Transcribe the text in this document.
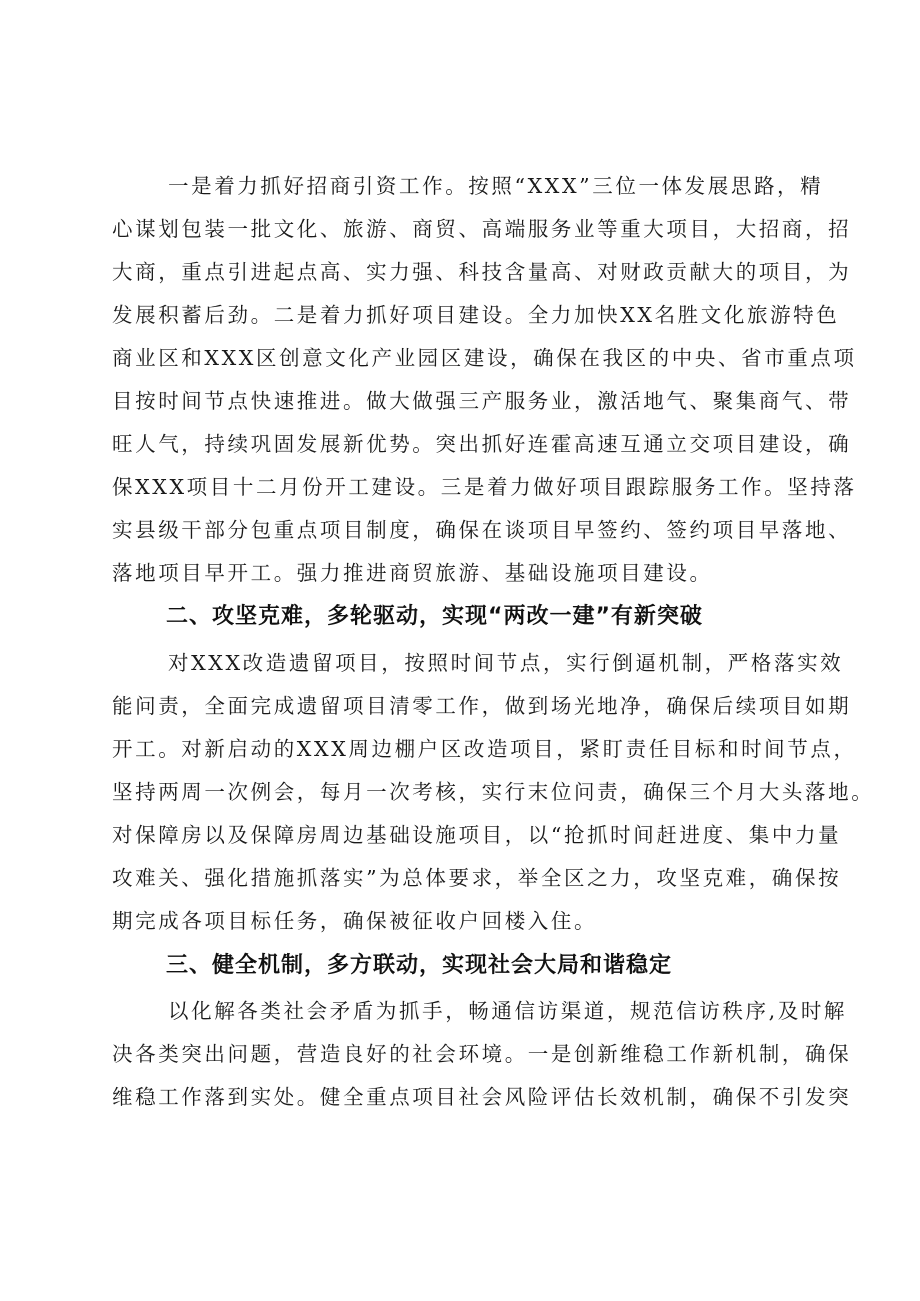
一是着力抓好招商引资工作。按照“XXX”三位一体发展思路，精
心谋划包装一批文化、旅游、商贸、高端服务业等重大项目，大招商，招
大商，重点引进起点高、实力强、科技含量高、对财政贡献大的项目，为
发展积蓄后劲。二是着力抓好项目建设。全力加快XX名胜文化旅游特色
商业区和XXX区创意文化产业园区建设，确保在我区的中央、省市重点项
目按时间节点快速推进。做大做强三产服务业，激活地气、聚集商气、带
旺人气，持续巩固发展新优势。突出抓好连霍高速互通立交项目建设，确
保XXX项目十二月份开工建设。三是着力做好项目跟踪服务工作。坚持落
实县级干部分包重点项目制度，确保在谈项目早签约、签约项目早落地、
落地项目早开工。强力推进商贸旅游、基础设施项目建设。
二、攻坚克难，多轮驱动，实现“两改一建”有新突破
对XXX改造遗留项目，按照时间节点，实行倒逼机制，严格落实效
能问责，全面完成遗留项目清零工作，做到场光地净，确保后续项目如期
开工。对新启动的XXX周边棚户区改造项目，紧盯责任目标和时间节点，
坚持两周一次例会，每月一次考核，实行末位问责，确保三个月大头落地。
对保障房以及保障房周边基础设施项目，以“抢抓时间赶进度、集中力量
攻难关、强化措施抓落实”为总体要求，举全区之力，攻坚克难，确保按
期完成各项目标任务，确保被征收户回楼入住。
三、健全机制，多方联动，实现社会大局和谐稳定
以化解各类社会矛盾为抓手，畅通信访渠道，规范信访秩序,及时解
决各类突出问题，营造良好的社会环境。一是创新维稳工作新机制，确保
维稳工作落到实处。健全重点项目社会风险评估长效机制，确保不引发突
